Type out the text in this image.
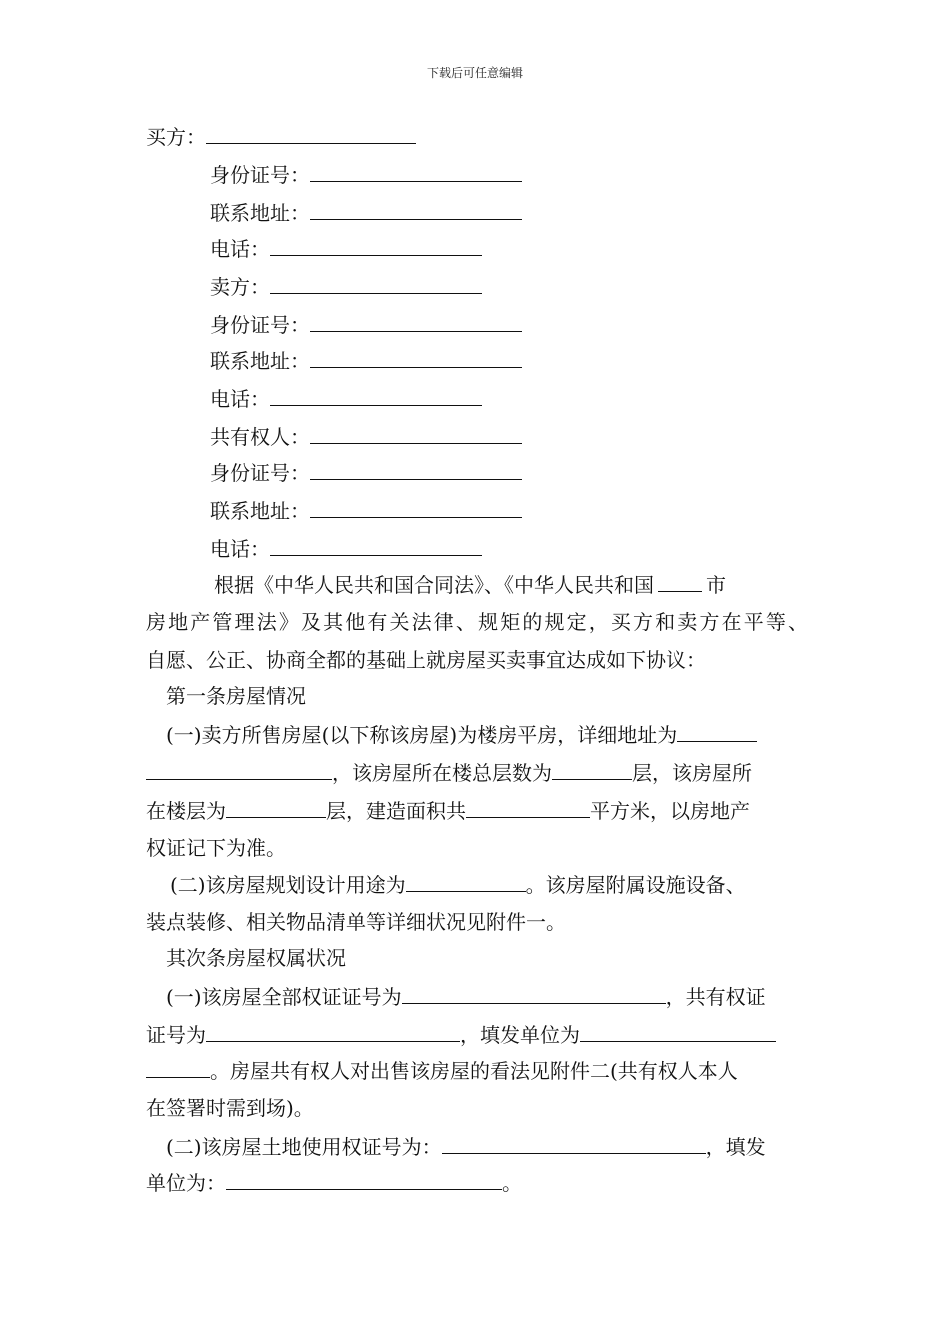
下载后可任意编辑
买方：
身份证号：
联系地址：
电话：
卖方：
身份证号：
联系地址：
电话：
共有权人：
身份证号：
联系地址：
电话：
根据《中华人民共和国合同法》、《中华人民共和国	市
房地产管理法》及其他有关法律、规矩的规定，买方和卖方在平等、
自愿、公正、协商全都的基础上就房屋买卖事宜达成如下协议：
第一条房屋情况
(一)卖方所售房屋(以下称该房屋)为楼房平房，详细地址为
，该房屋所在楼总层数为	层，该房屋所
在楼层为	层，建造面积共	平方米，以房地产
权证记下为准。
(二)该房屋规划设计用途为	。该房屋附属设施设备、
装点装修、相关物品清单等详细状况见附件一。
其次条房屋权属状况
(一)该房屋全部权证证号为	，共有权证
证号为	，填发单位为
。房屋共有权人对出售该房屋的看法见附件二(共有权人本人
在签署时需到场)。
(二)该房屋土地使用权证号为：	，填发
单位为：	。
